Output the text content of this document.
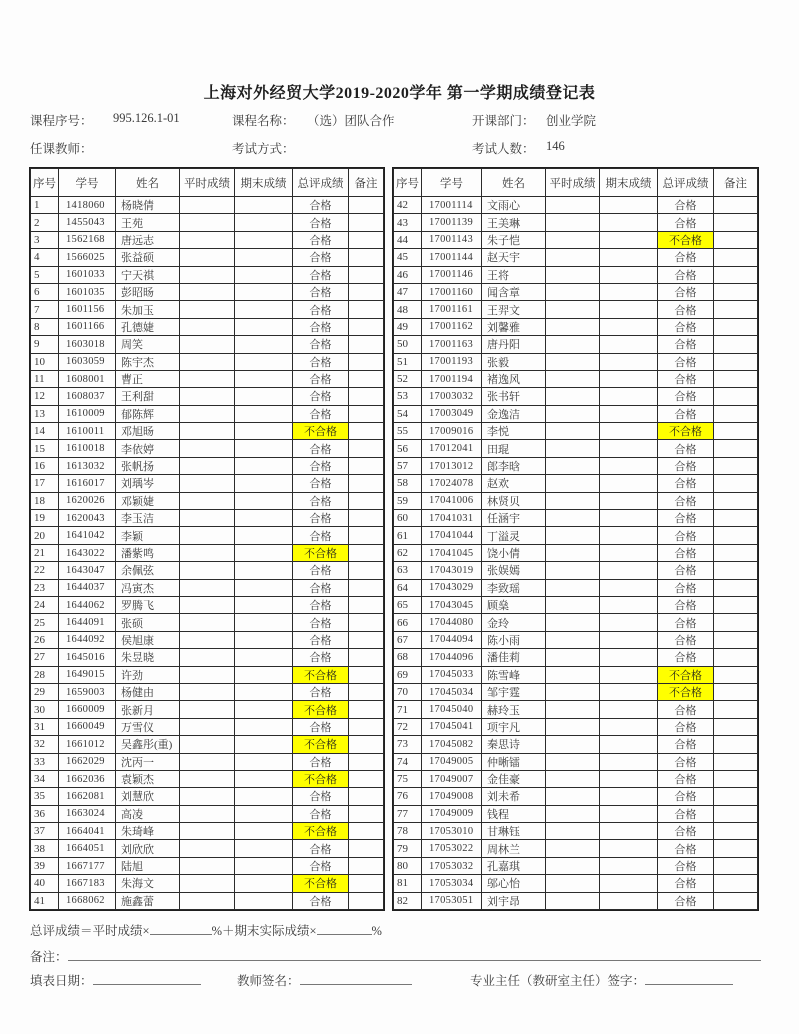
上海对外经贸大学2019-2020学年 第一学期成绩登记表
课程序号： 995.126.1-01	课程名称： （选）团队合作	开课部门： 创业学院
任课教师：	考试方式：	考试人数： 146
序号	学号	姓名	平时成绩	期末成绩	总评成绩	备注
1	1418060	杨晓倩			合格	
2	1455043	王苑			合格	
3	1562168	唐远志			合格	
4	1566025	张益硕			合格	
5	1601033	宁天祺			合格	
6	1601035	彭昭旸			合格	
7	1601156	朱加玉			合格	
8	1601166	孔德婕			合格	
9	1603018	周笑			合格	
10	1603059	陈宇杰			合格	
11	1608001	曹正			合格	
12	1608037	王利甜			合格	
13	1610009	郁陈辉			合格	
14	1610011	邓旭旸			不合格	
15	1610018	李依婷			合格	
16	1613032	张帆扬			合格	
17	1616017	刘瑀岑			合格	
18	1620026	邓颖婕			合格	
19	1620043	李玉洁			合格	
20	1641042	李颖			合格	
21	1643022	潘紫鸣			不合格	
22	1643047	余佩弦			合格	
23	1644037	冯寅杰			合格	
24	1644062	罗腾飞			合格	
25	1644091	张硕			合格	
26	1644092	侯旭康			合格	
27	1645016	朱昱晓			合格	
28	1649015	许劲			不合格	
29	1659003	杨健由			合格	
30	1660009	张新月			不合格	
31	1660049	万雪仪			合格	
32	1661012	吴鑫彤(重)			不合格	
33	1662029	沈丙一			合格	
34	1662036	袁颖杰			不合格	
35	1662081	刘慧欣			合格	
36	1663024	高凌			合格	
37	1664041	朱琦峰			不合格	
38	1664051	刘欣欣			合格	
39	1667177	陆旭			合格	
40	1667183	朱海文			不合格	
41	1668062	施鑫蕾			合格	
序号	学号	姓名	平时成绩	期末成绩	总评成绩	备注
42	17001114	文雨心			合格	
43	17001139	王美琳			合格	
44	17001143	朱子恺			不合格	
45	17001144	赵天宇			合格	
46	17001146	王将			合格	
47	17001160	闻含章			合格	
48	17001161	王羿文			合格	
49	17001162	刘馨雅			合格	
50	17001163	唐丹阳			合格	
51	17001193	张毅			合格	
52	17001194	褚逸风			合格	
53	17003032	张书轩			合格	
54	17003049	金逸洁			合格	
55	17009016	李悦			不合格	
56	17012041	田琨			合格	
57	17013012	郎李晗			合格	
58	17024078	赵欢			合格	
59	17041006	林贤贝			合格	
60	17041031	任涵宇			合格	
61	17041044	丁溢灵			合格	
62	17041045	饶小倩			合格	
63	17043019	张娱嫣			合格	
64	17043029	李致瑶			合格	
65	17043045	顾燊			合格	
66	17044080	金玲			合格	
67	17044094	陈小雨			合格	
68	17044096	潘佳莉			合格	
69	17045033	陈雪峰			不合格	
70	17045034	邹宇霆			不合格	
71	17045040	赫玲玉			合格	
72	17045041	项宇凡			合格	
73	17045082	秦思诗			合格	
74	17049005	仲晰镭			合格	
75	17049007	金佳豪			合格	
76	17049008	刘未希			合格	
77	17049009	钱程			合格	
78	17053010	甘琳钰			合格	
79	17053022	周林兰			合格	
80	17053032	孔嘉琪			合格	
81	17053034	邬心怡			合格	
82	17053051	刘宇昂			合格	
总评成绩＝平时成绩×	%＋期末实际成绩×	%
备注：
填表日期：	教师签名：	专业主任（教研室主任）签字：
